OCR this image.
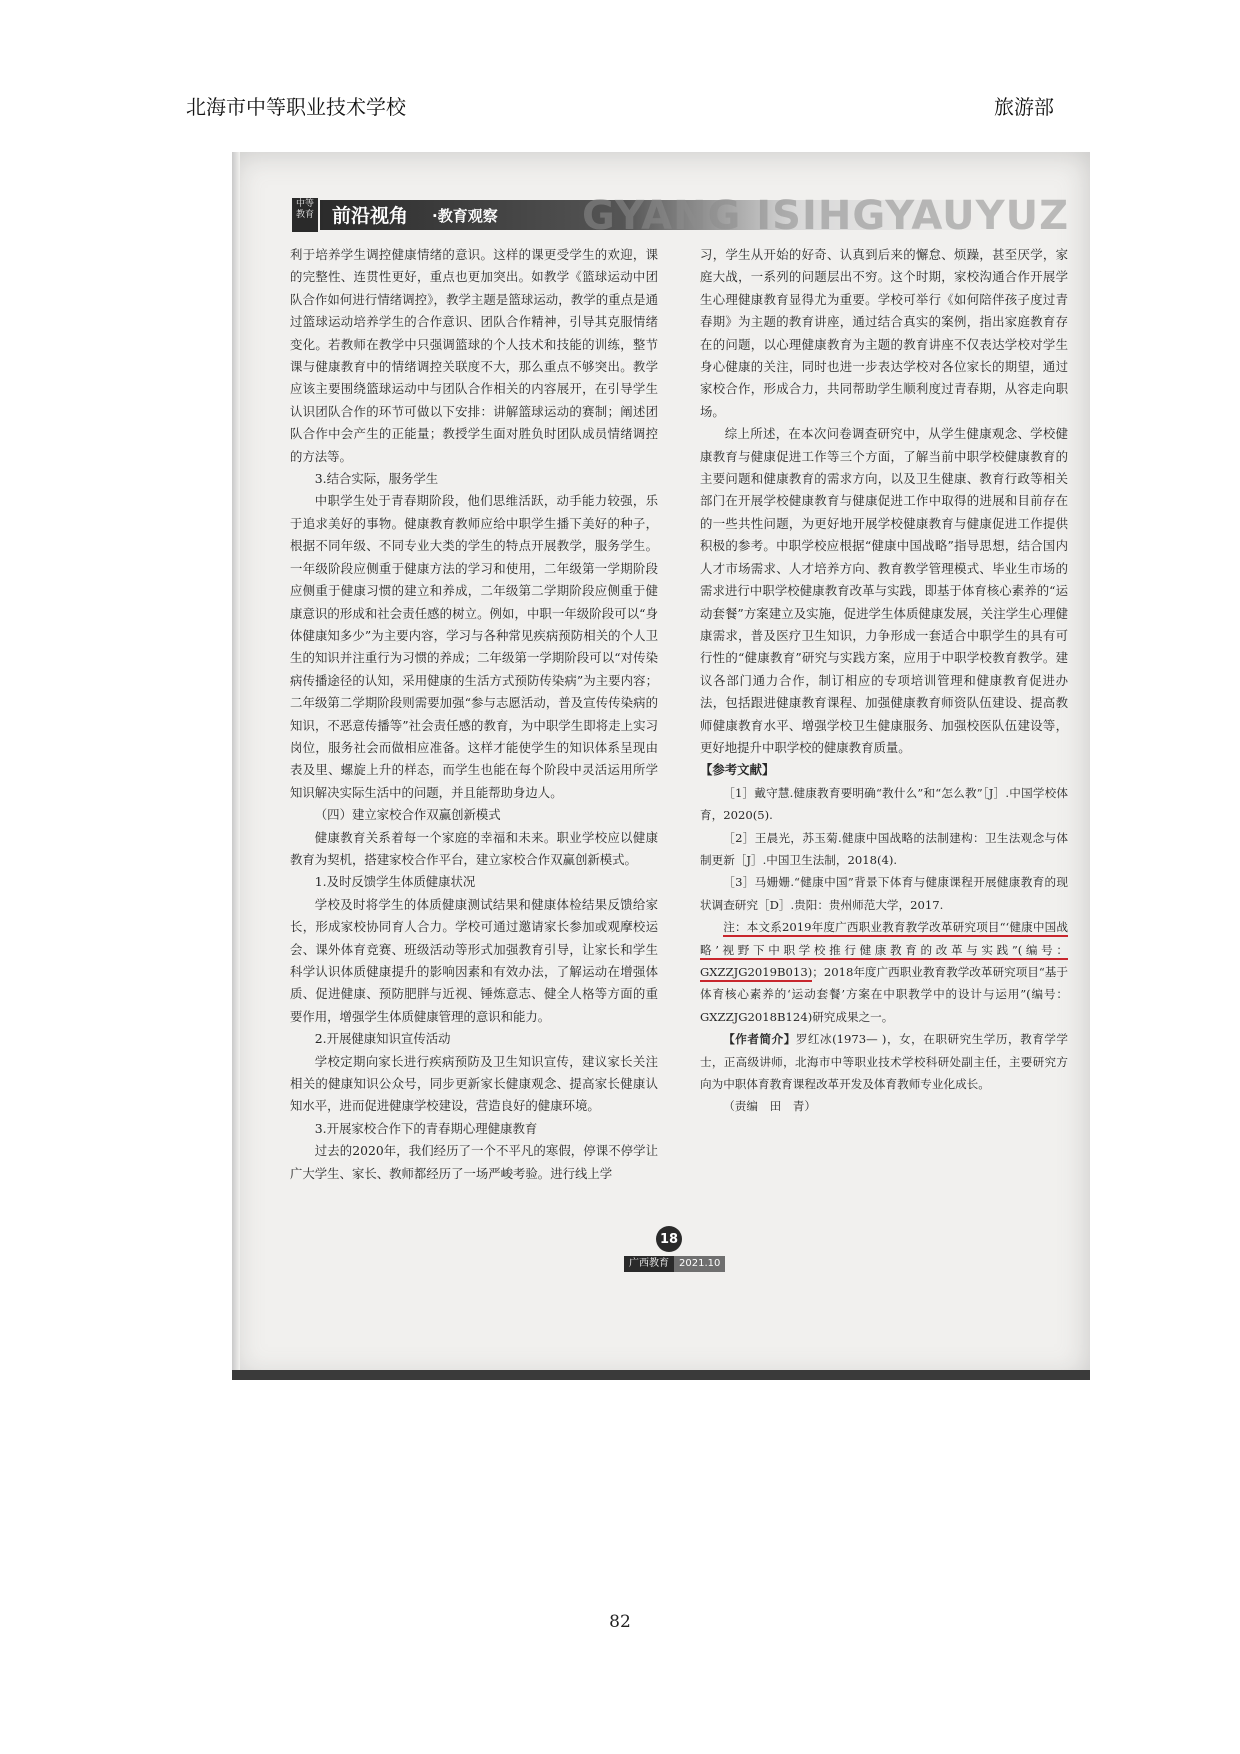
北海市中等职业技术学校	旅游部
中等教育 前沿视角 ·教育观察 GYANG ISIHGYAUYUZ

利于培养学生调控健康情绪的意识。这样的课更受学生的欢迎，课的完整性、连贯性更好，重点也更加突出。如教学《篮球运动中团队合作如何进行情绪调控》，教学主题是篮球运动，教学的重点是通过篮球运动培养学生的合作意识、团队合作精神，引导其克服情绪变化。若教师在教学中只强调篮球的个人技术和技能的训练，整节课与健康教育中的情绪调控关联度不大，那么重点不够突出。教学应该主要围绕篮球运动中与团队合作相关的内容展开，在引导学生认识团队合作的环节可做以下安排：讲解篮球运动的赛制；阐述团队合作中会产生的正能量；教授学生面对胜负时团队成员情绪调控的方法等。

3.结合实际，服务学生

中职学生处于青春期阶段，他们思维活跃，动手能力较强，乐于追求美好的事物。健康教育教师应给中职学生播下美好的种子，根据不同年级、不同专业大类的学生的特点开展教学，服务学生。一年级阶段应侧重于健康方法的学习和使用，二年级第一学期阶段应侧重于健康习惯的建立和养成，二年级第二学期阶段应侧重于健康意识的形成和社会责任感的树立。例如，中职一年级阶段可以“身体健康知多少”为主要内容，学习与各种常见疾病预防相关的个人卫生的知识并注重行为习惯的养成；二年级第一学期阶段可以“对传染病传播途径的认知，采用健康的生活方式预防传染病”为主要内容；二年级第二学期阶段则需要加强“参与志愿活动，普及宣传传染病的知识，不恶意传播等”社会责任感的教育，为中职学生即将走上实习岗位，服务社会而做相应准备。这样才能使学生的知识体系呈现由表及里、螺旋上升的样态，而学生也能在每个阶段中灵活运用所学知识解决实际生活中的问题，并且能帮助身边人。

（四）建立家校合作双赢创新模式

健康教育关系着每一个家庭的幸福和未来。职业学校应以健康教育为契机，搭建家校合作平台，建立家校合作双赢创新模式。

1.及时反馈学生体质健康状况

学校及时将学生的体质健康测试结果和健康体检结果反馈给家长，形成家校协同育人合力。学校可通过邀请家长参加或观摩校运会、课外体育竞赛、班级活动等形式加强教育引导，让家长和学生科学认识体质健康提升的影响因素和有效办法，了解运动在增强体质、促进健康、预防肥胖与近视、锤炼意志、健全人格等方面的重要作用，增强学生体质健康管理的意识和能力。

2.开展健康知识宣传活动

学校定期向家长进行疾病预防及卫生知识宣传，建议家长关注相关的健康知识公众号，同步更新家长健康观念、提高家长健康认知水平，进而促进健康学校建设，营造良好的健康环境。

3.开展家校合作下的青春期心理健康教育

过去的2020年，我们经历了一个不平凡的寒假，停课不停学让广大学生、家长、教师都经历了一场严峻考验。进行线上学

习，学生从开始的好奇、认真到后来的懈怠、烦躁，甚至厌学，家庭大战，一系列的问题层出不穷。这个时期，家校沟通合作开展学生心理健康教育显得尤为重要。学校可举行《如何陪伴孩子度过青春期》为主题的教育讲座，通过结合真实的案例，指出家庭教育存在的问题，以心理健康教育为主题的教育讲座不仅表达学校对学生身心健康的关注，同时也进一步表达学校对各位家长的期望，通过家校合作，形成合力，共同帮助学生顺利度过青春期，从容走向职场。

综上所述，在本次问卷调查研究中，从学生健康观念、学校健康教育与健康促进工作等三个方面，了解当前中职学校健康教育的主要问题和健康教育的需求方向，以及卫生健康、教育行政等相关部门在开展学校健康教育与健康促进工作中取得的进展和目前存在的一些共性问题，为更好地开展学校健康教育与健康促进工作提供积极的参考。中职学校应根据“健康中国战略”指导思想，结合国内人才市场需求、人才培养方向、教育教学管理模式、毕业生市场的需求进行中职学校健康教育改革与实践，即基于体育核心素养的“运动套餐”方案建立及实施，促进学生体质健康发展，关注学生心理健康需求，普及医疗卫生知识，力争形成一套适合中职学生的具有可行性的“健康教育”研究与实践方案，应用于中职学校教育教学。建议各部门通力合作，制订相应的专项培训管理和健康教育促进办法，包括跟进健康教育课程、加强健康教育师资队伍建设、提高教师健康教育水平、增强学校卫生健康服务、加强校医队伍建设等，更好地提升中职学校的健康教育质量。

【参考文献】

［1］戴守慧.健康教育要明确“教什么”和“怎么教”［J］.中国学校体育，2020(5).

［2］王晨光，苏玉菊.健康中国战略的法制建构：卫生法观念与体制更新［J］.中国卫生法制，2018(4).

［3］马姗姗.“健康中国”背景下体育与健康课程开展健康教育的现状调查研究［D］.贵阳：贵州师范大学，2017.

注：本文系2019年度广西职业教育教学改革研究项目“‘健康中国战略’视野下中职学校推行健康教育的改革与实践”(编号：GXZZJG2019B013)；2018年度广西职业教育教学改革研究项目“基于体育核心素养的‘运动套餐’方案在中职教学中的设计与运用”(编号：GXZZJG2018B124)研究成果之一。

【作者简介】罗红冰(1973— )，女，在职研究生学历，教育学学士，正高级讲师，北海市中等职业技术学校科研处副主任，主要研究方向为中职体育教育课程改革开发及体育教师专业化成长。

（责编　田　青）

18
广西教育	2021.10
82
